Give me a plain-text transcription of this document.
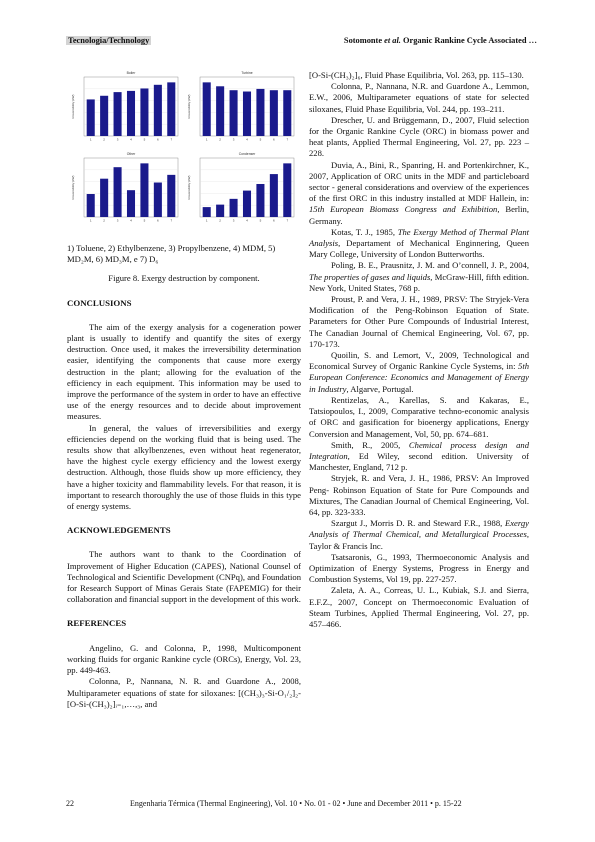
Tecnologia/Technology	Sotomonte et al. Organic Rankine Cycle Associated …
Boiler
Irreversibility (kW)
1	2	3	4	5	6	7
Turbine
Irreversibility (kW)
1	2	3	4	5	6	7
Other
Irreversibility (kW)
1	2	3	4	5	6	7
Condenser
Irreversibility (kW)
1	2	3	4	5	6	7

1) Toluene, 2) Ethylbenzene, 3) Propylbenzene, 4) MDM, 5) MD₂M, 6) MD₃M, e 7) D₆

Figure 8. Exergy destruction by component.

CONCLUSIONS

The aim of the exergy analysis for a cogeneration power plant is usually to identify and quantify the sites of exergy destruction. Once used, it makes the irreversibility determination easier, identifying the components that cause more exergy destruction in the plant; allowing for the evaluation of the efficiency in each equipment. This information may be used to improve the performance of the system in order to have an effective use of the energy resources and to decide about improvement measures.

In general, the values of irreversibilities and exergy efficiencies depend on the working fluid that is being used. The results show that alkylbenzenes, even without heat regenerator, have the highest cycle exergy efficiency and the lowest exergy destruction. Although, those fluids show up more efficiency, they have a higher toxicity and flammability levels. For that reason, it is important to research thoroughly the use of those fluids in this type of energy systems.

ACKNOWLEDGEMENTS

The authors want to thank to the Coordination of Improvement of Higher Education (CAPES), National Counsel of Technological and Scientific Development (CNPq), and Foundation for Research Support of Minas Gerais State (FAPEMIG) for their collaboration and financial support in the development of this work.

REFERENCES

Angelino, G. and Colonna, P., 1998, Multicomponent working fluids for organic Rankine cycle (ORCs), Energy, Vol. 23, pp. 449-463.

Colonna, P., Nannana, N. R. and Guardone A., 2008, Multiparameter equations of state for siloxanes: [(CH₃)₃-Si-O₁/₂]₂-[O-Si-(CH₃)₂]ᵢ₌₁,…,₃, and

[O-Si-(CH₃)₂]₆, Fluid Phase Equilibria, Vol. 263, pp. 115–130.

Colonna, P., Nannana, N.R. and Guardone A., Lemmon, E.W., 2006, Multiparameter equations of state for selected siloxanes, Fluid Phase Equilibria, Vol. 244, pp. 193–211.

Drescher, U. and Brüggemann, D., 2007, Fluid selection for the Organic Rankine Cycle (ORC) in biomass power and heat plants, Applied Thermal Engineering, Vol. 27, pp. 223 – 228.

Duvia, A., Bini, R., Spanring, H. and Portenkirchner, K., 2007, Application of ORC units in the MDF and particleboard sector - general considerations and overview of the experiences of the first ORC in this industry installed at MDF Hallein, in: 15th European Biomass Congress and Exhibition, Berlin, Germany.

Kotas, T. J., 1985, The Exergy Method of Thermal Plant Analysis, Departament of Mechanical Enginnering, Queen Mary College, University of London Butterworths.

Poling, B. E., Prausnitz, J. M. and O’connell, J. P., 2004, The properties of gases and liquids, McGraw-Hill, fifth edition. New York, United States, 768 p.

Proust, P. and Vera, J. H., 1989, PRSV: The Stryjek-Vera Modification of the Peng-Robinson Equation of State. Parameters for Other Pure Compounds of Industrial Interest, The Canadian Journal of Chemical Engineering, Vol. 67, pp. 170-173.

Quoilin, S. and Lemort, V., 2009, Technological and Economical Survey of Organic Rankine Cycle Systems, in: 5th European Conference: Economics and Management of Energy in Industry, Algarve, Portugal.

Rentizelas, A., Karellas, S. and Kakaras, E., Tatsiopoulos, I., 2009, Comparative techno-economic analysis of ORC and gasification for bioenergy applications, Energy Conversion and Management, Vol, 50, pp. 674–681.

Smith, R., 2005, Chemical process design and Integration, Ed Wiley, second edition. University of Manchester, England, 712 p.

Stryjek, R. and Vera, J. H., 1986, PRSV: An Improved Peng- Robinson Equation of State for Pure Compounds and Mixtures, The Canadian Journal of Chemical Engineering, Vol. 64, pp. 323-333.

Szargut J., Morris D. R. and Steward F.R., 1988, Exergy Analysis of Thermal Chemical, and Metallurgical Processes, Taylor & Francis Inc.

Tsatsaronis, G., 1993, Thermoeconomic Analysis and Optimization of Energy Systems, Progress in Energy and Combustion Systems, Vol 19, pp. 227-257.

Zaleta, A. A., Correas, U. L., Kubiak, S.J. and Sierra, E.F.Z., 2007, Concept on Thermoeconomic Evaluation of Steam Turbines, Applied Thermal Engineering, Vol. 27, pp. 457–466.

22	Engenharia Térmica (Thermal Engineering), Vol. 10 • No. 01 - 02 • June and December 2011 • p. 15-22
